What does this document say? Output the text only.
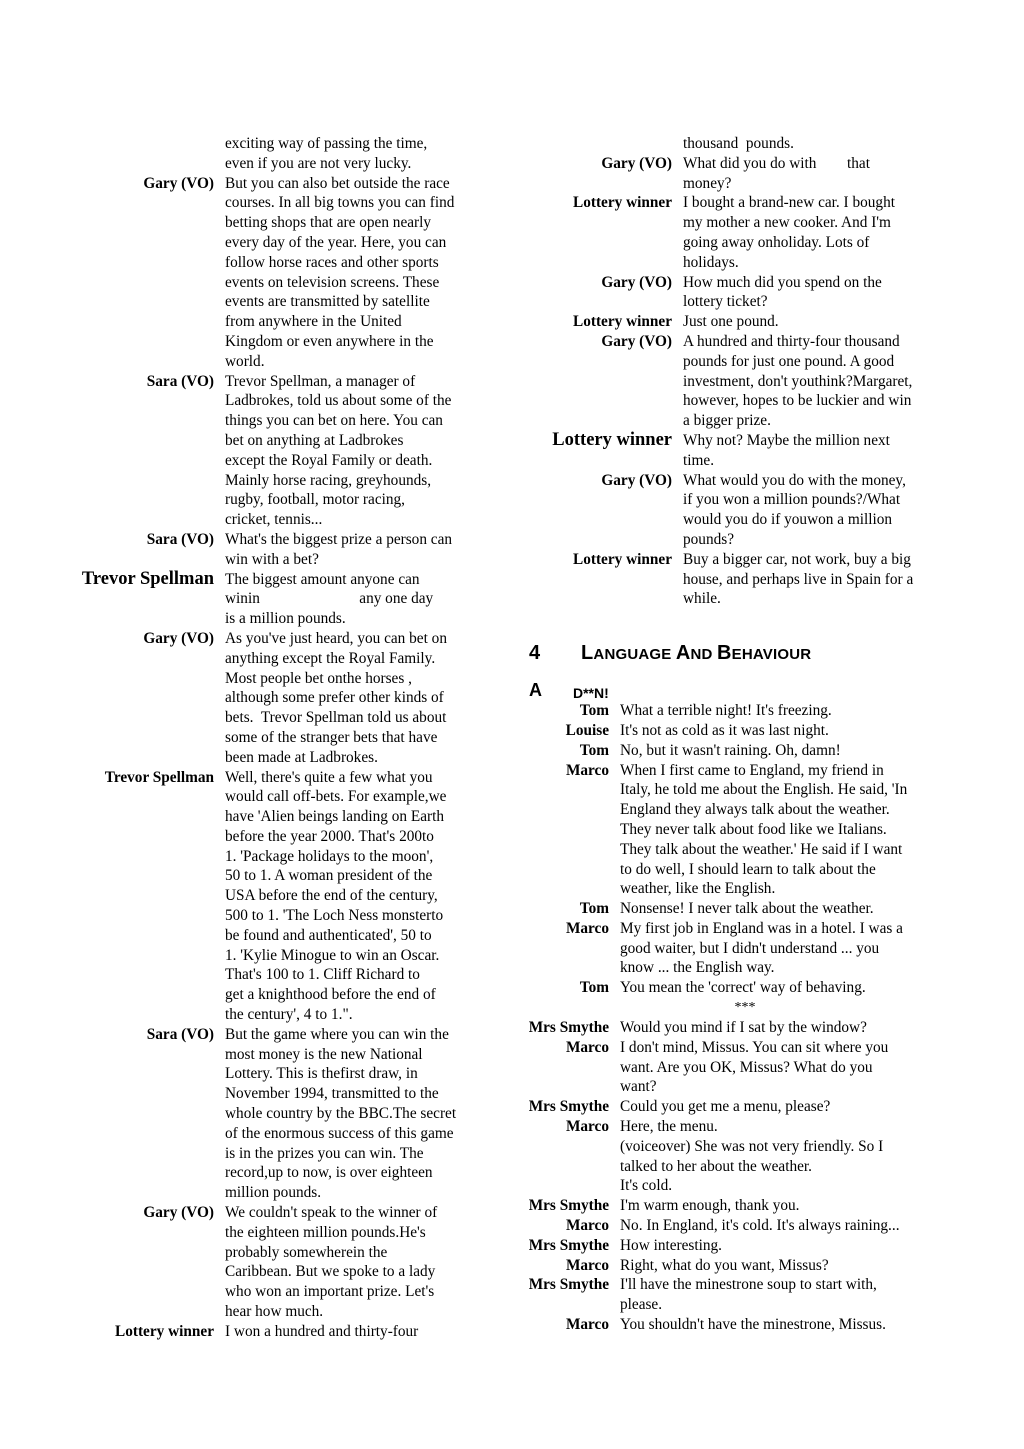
exciting way of passing the time,
even if you are not very lucky.
Gary (VO) But you can also bet outside the race
courses. In all big towns you can find
betting shops that are open nearly
every day of the year. Here, you can
follow horse races and other sports
events on television screens. These
events are transmitted by satellite
from anywhere in the United
Kingdom or even anywhere in the
world.
Sara (VO) Trevor Spellman, a manager of
Ladbrokes, told us about some of the
things you can bet on here. You can
bet on anything at Ladbrokes
except the Royal Family or death.
Mainly horse racing, greyhounds,
rugby, football, motor racing,
cricket, tennis...
Sara (VO) What's the biggest prize a person can
win with a bet?
Trevor Spellman The biggest amount anyone can
winin                          any one day
is a million pounds.
Gary (VO) As you've just heard, you can bet on
anything except the Royal Family.
Most people bet onthe horses ,
although some prefer other kinds of
bets.  Trevor Spellman told us about
some of the stranger bets that have
been made at Ladbrokes.
Trevor Spellman Well, there's quite a few what you
would call off-bets. For example,we
have 'Alien beings landing on Earth
before the year 2000. That's 200to
1. 'Package holidays to the moon',
50 to 1. A woman president of the
USA before the end of the century,
500 to 1. 'The Loch Ness monsterto
be found and authenticated', 50 to
1. 'Kylie Minogue to win an Oscar.
That's 100 to 1. Cliff Richard to
get a knighthood before the end of
the century', 4 to 1.".
Sara (VO) But the game where you can win the
most money is the new National
Lottery. This is thefirst draw, in
November 1994, transmitted to the
whole country by the BBC.The secret
of the enormous success of this game
is in the prizes you can win. The
record,up to now, is over eighteen
million pounds.
Gary (VO) We couldn't speak to the winner of
the eighteen million pounds.He's
probably somewherein the
Caribbean. But we spoke to a lady
who won an important prize. Let's
hear how much.
Lottery winner I won a hundred and thirty-four
thousand  pounds.
Gary (VO) What did you do with        that
money?
Lottery winner I bought a brand-new car. I bought
my mother a new cooker. And I'm
going away onholiday. Lots of
holidays.
Gary (VO) How much did you spend on the
lottery ticket?
Lottery winner Just one pound.
Gary (VO) A hundred and thirty-four thousand
pounds for just one pound. A good
investment, don't youthink?Margaret,
however, hopes to be luckier and win
a bigger prize.
Lottery winner Why not? Maybe the million next
time.
Gary (VO) What would you do with the money,
if you won a million pounds?/What
would you do if youwon a million
pounds?
Lottery winner Buy a bigger car, not work, buy a big
house, and perhaps live in Spain for a
while.
4	LANGUAGE AND BEHAVIOUR
A	D**N!
Tom What a terrible night! It's freezing.
Louise It's not as cold as it was last night.
Tom No, but it wasn't raining. Oh, damn!
Marco When I first came to England, my friend in
Italy, he told me about the English. He said, 'In
England they always talk about the weather.
They never talk about food like we Italians.
They talk about the weather.' He said if I want
to do well, I should learn to talk about the
weather, like the English.
Tom Nonsense! I never talk about the weather.
Marco My first job in England was in a hotel. I was a
good waiter, but I didn't understand ... you
know ... the English way.
Tom You mean the 'correct' way of behaving.
***
Mrs Smythe Would you mind if I sat by the window?
Marco I don't mind, Missus. You can sit where you
want. Are you OK, Missus? What do you
want?
Mrs Smythe Could you get me a menu, please?
Marco Here, the menu.
(voiceover) She was not very friendly. So I
talked to her about the weather.
It's cold.
Mrs Smythe I'm warm enough, thank you.
Marco No. In England, it's cold. It's always raining...
Mrs Smythe How interesting.
Marco Right, what do you want, Missus?
Mrs Smythe I'll have the minestrone soup to start with,
please.
Marco You shouldn't have the minestrone, Missus.
